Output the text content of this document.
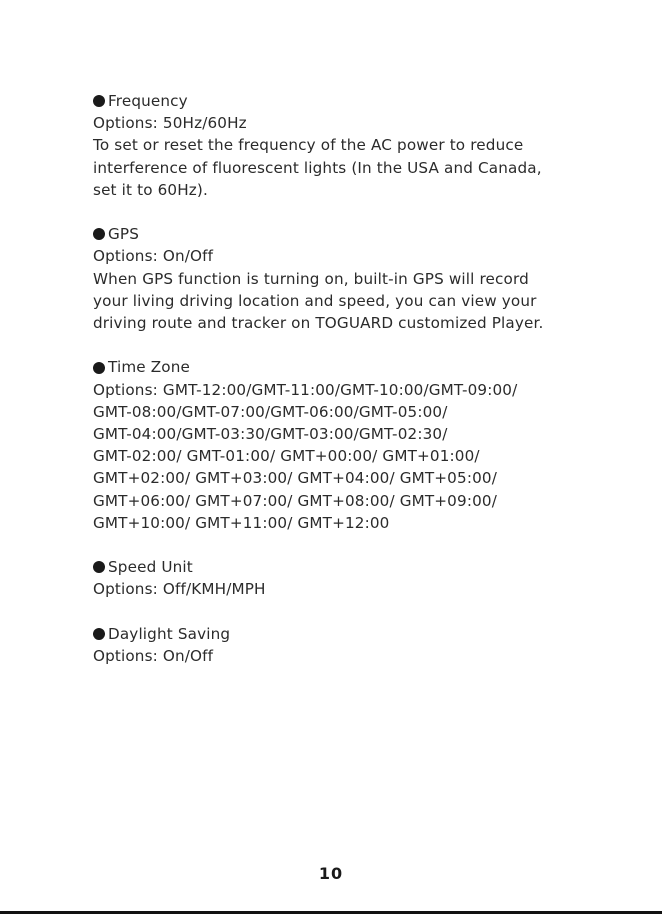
Frequency
Options: 50Hz/60Hz
To set or reset the frequency of the AC power to reduce
interference of fluorescent lights (In the USA and Canada,
set it to 60Hz).
GPS
Options: On/Off
When GPS function is turning on, built-in GPS will record
your living driving location and speed, you can view your
driving route and tracker on TOGUARD customized Player.
Time Zone
Options: GMT-12:00/GMT-11:00/GMT-10:00/GMT-09:00/
GMT-08:00/GMT-07:00/GMT-06:00/GMT-05:00/
GMT-04:00/GMT-03:30/GMT-03:00/GMT-02:30/
GMT-02:00/ GMT-01:00/ GMT+00:00/ GMT+01:00/
GMT+02:00/ GMT+03:00/ GMT+04:00/ GMT+05:00/
GMT+06:00/ GMT+07:00/ GMT+08:00/ GMT+09:00/
GMT+10:00/ GMT+11:00/ GMT+12:00
Speed Unit
Options: Off/KMH/MPH
Daylight Saving
Options: On/Off
10
